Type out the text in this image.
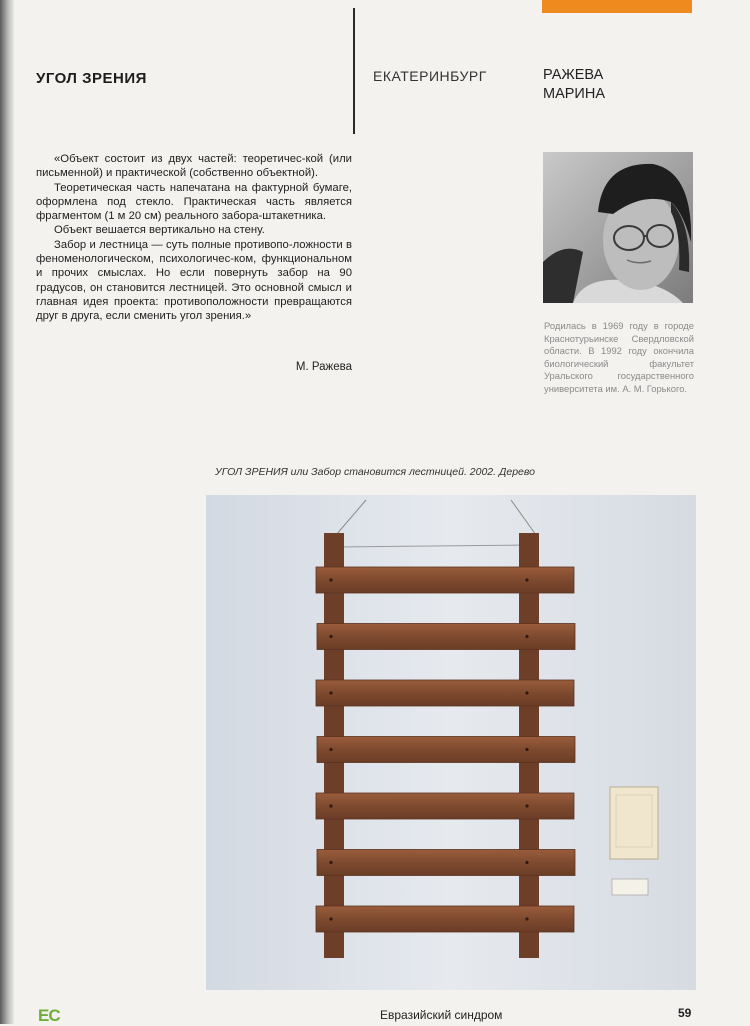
УГОЛ ЗРЕНИЯ	ЕКАТЕРИНБУРГ	РАЖЕВА
МАРИНА

«Объект состоит из двух частей: теоретичес-кой (или письменной) и практической (собственно объектной).

Теоретическая часть напечатана на фактурной бумаге, оформлена под стекло. Практическая часть является фрагментом (1 м 20 см) реального забора-штакетника.

Объект вешается вертикально на стену.

Забор и лестница — суть полные противопо-ложности в феноменологическом, психологичес-ком, функциональном и прочих смыслах. Но если повернуть забор на 90 градусов, он становится лестницей. Это основной смысл и главная идея проекта: противоположности превращаются друг в друга, если сменить угол зрения.»

М. Ражева
Родилась в 1969 году в городе Краснотурьинске Свердловской области. В 1992 году окончила биологический факультет Уральского государственного университета им. А. М. Горького.
УГОЛ ЗРЕНИЯ или Забор становится лестницей. 2002. Дерево
ЕС	Евразийский синдром	59
